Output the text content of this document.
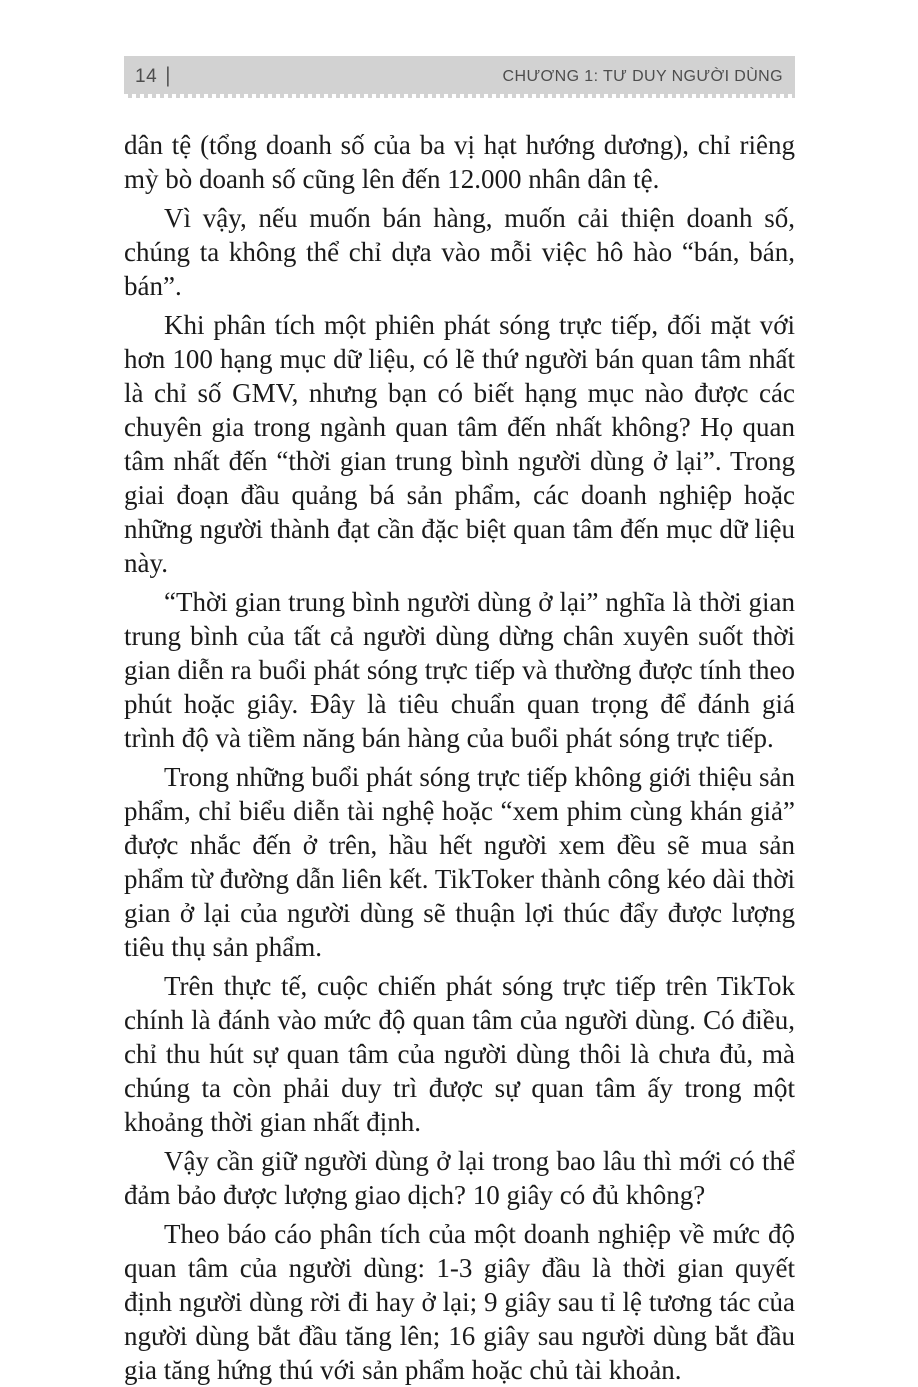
14 |	CHƯƠNG 1: TƯ DUY NGƯỜI DÙNG

dân tệ (tổng doanh số của ba vị hạt hướng dương), chỉ riêng mỳ bò doanh số cũng lên đến 12.000 nhân dân tệ.

Vì vậy, nếu muốn bán hàng, muốn cải thiện doanh số, chúng ta không thể chỉ dựa vào mỗi việc hô hào “bán, bán, bán”.

Khi phân tích một phiên phát sóng trực tiếp, đối mặt với hơn 100 hạng mục dữ liệu, có lẽ thứ người bán quan tâm nhất là chỉ số GMV, nhưng bạn có biết hạng mục nào được các chuyên gia trong ngành quan tâm đến nhất không? Họ quan tâm nhất đến “thời gian trung bình người dùng ở lại”. Trong giai đoạn đầu quảng bá sản phẩm, các doanh nghiệp hoặc những người thành đạt cần đặc biệt quan tâm đến mục dữ liệu này.

“Thời gian trung bình người dùng ở lại” nghĩa là thời gian trung bình của tất cả người dùng dừng chân xuyên suốt thời gian diễn ra buổi phát sóng trực tiếp và thường được tính theo phút hoặc giây. Đây là tiêu chuẩn quan trọng để đánh giá trình độ và tiềm năng bán hàng của buổi phát sóng trực tiếp.

Trong những buổi phát sóng trực tiếp không giới thiệu sản phẩm, chỉ biểu diễn tài nghệ hoặc “xem phim cùng khán giả” được nhắc đến ở trên, hầu hết người xem đều sẽ mua sản phẩm từ đường dẫn liên kết. TikToker thành công kéo dài thời gian ở lại của người dùng sẽ thuận lợi thúc đẩy được lượng tiêu thụ sản phẩm.

Trên thực tế, cuộc chiến phát sóng trực tiếp trên TikTok chính là đánh vào mức độ quan tâm của người dùng. Có điều, chỉ thu hút sự quan tâm của người dùng thôi là chưa đủ, mà chúng ta còn phải duy trì được sự quan tâm ấy trong một khoảng thời gian nhất định.

Vậy cần giữ người dùng ở lại trong bao lâu thì mới có thể đảm bảo được lượng giao dịch? 10 giây có đủ không?

Theo báo cáo phân tích của một doanh nghiệp về mức độ quan tâm của người dùng: 1-3 giây đầu là thời gian quyết định người dùng rời đi hay ở lại; 9 giây sau tỉ lệ tương tác của người dùng bắt đầu tăng lên; 16 giây sau người dùng bắt đầu gia tăng hứng thú với sản phẩm hoặc chủ tài khoản.
